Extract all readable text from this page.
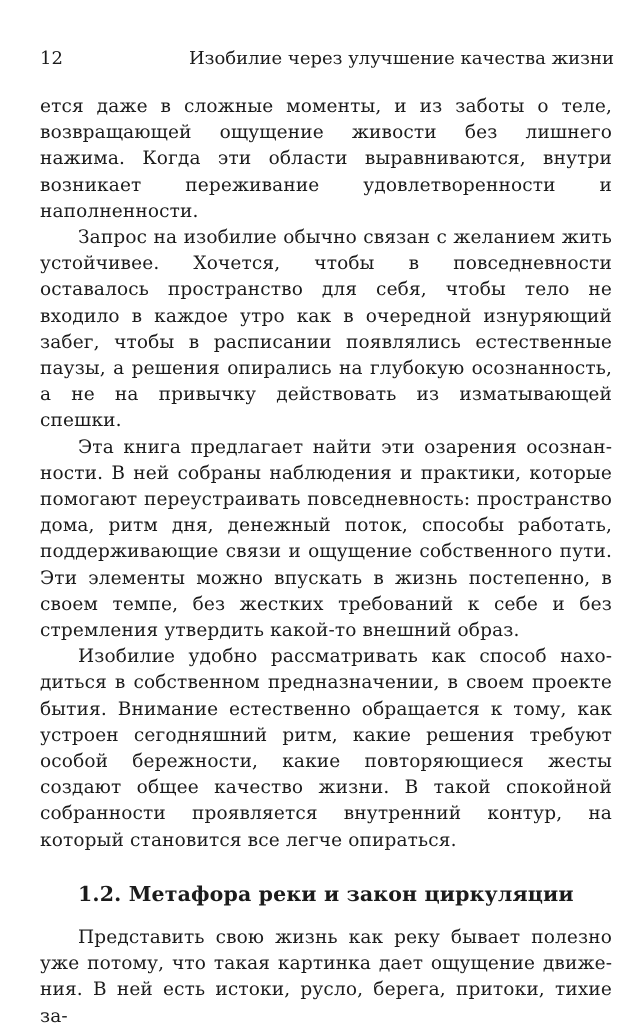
12	Изобилие через улучшение качества жизни

ется даже в сложные моменты, и из заботы о теле, возвращающей ощущение живости без лишнего нажима. Когда эти области выравниваются, внутри возникает переживание удовлетворенности и наполненности.

Запрос на изобилие обычно связан с желанием жить устойчивее. Хочется, чтобы в повседневности оставалось пространство для себя, чтобы тело не входило в каждое утро как в очередной изнуряющий забег, чтобы в расписании появлялись естественные паузы, а решения опирались на глубокую осознанность, а не на привычку действовать из изматывающей спешки.

Эта книга предлагает найти эти озарения осознанности. В ней собраны наблюдения и практики, которые помогают переустраивать повседневность: пространство дома, ритм дня, денежный поток, способы работать, поддерживающие связи и ощущение собственного пути. Эти элементы можно впускать в жизнь постепенно, в своем темпе, без жестких требований к себе и без стремления утвердить какой-то внешний образ.

Изобилие удобно рассматривать как способ находиться в собственном предназначении, в своем проекте бытия. Внимание естественно обращается к тому, как устроен сегодняшний ритм, какие решения требуют особой бережности, какие повторяющиеся жесты создают общее качество жизни. В такой спокойной собранности проявляется внутренний контур, на который становится все легче опираться.

1.2. Метафора реки и закон циркуляции

Представить свою жизнь как реку бывает полезно уже потому, что такая картинка дает ощущение движения. В ней есть истоки, русло, берега, притоки, тихие за-
